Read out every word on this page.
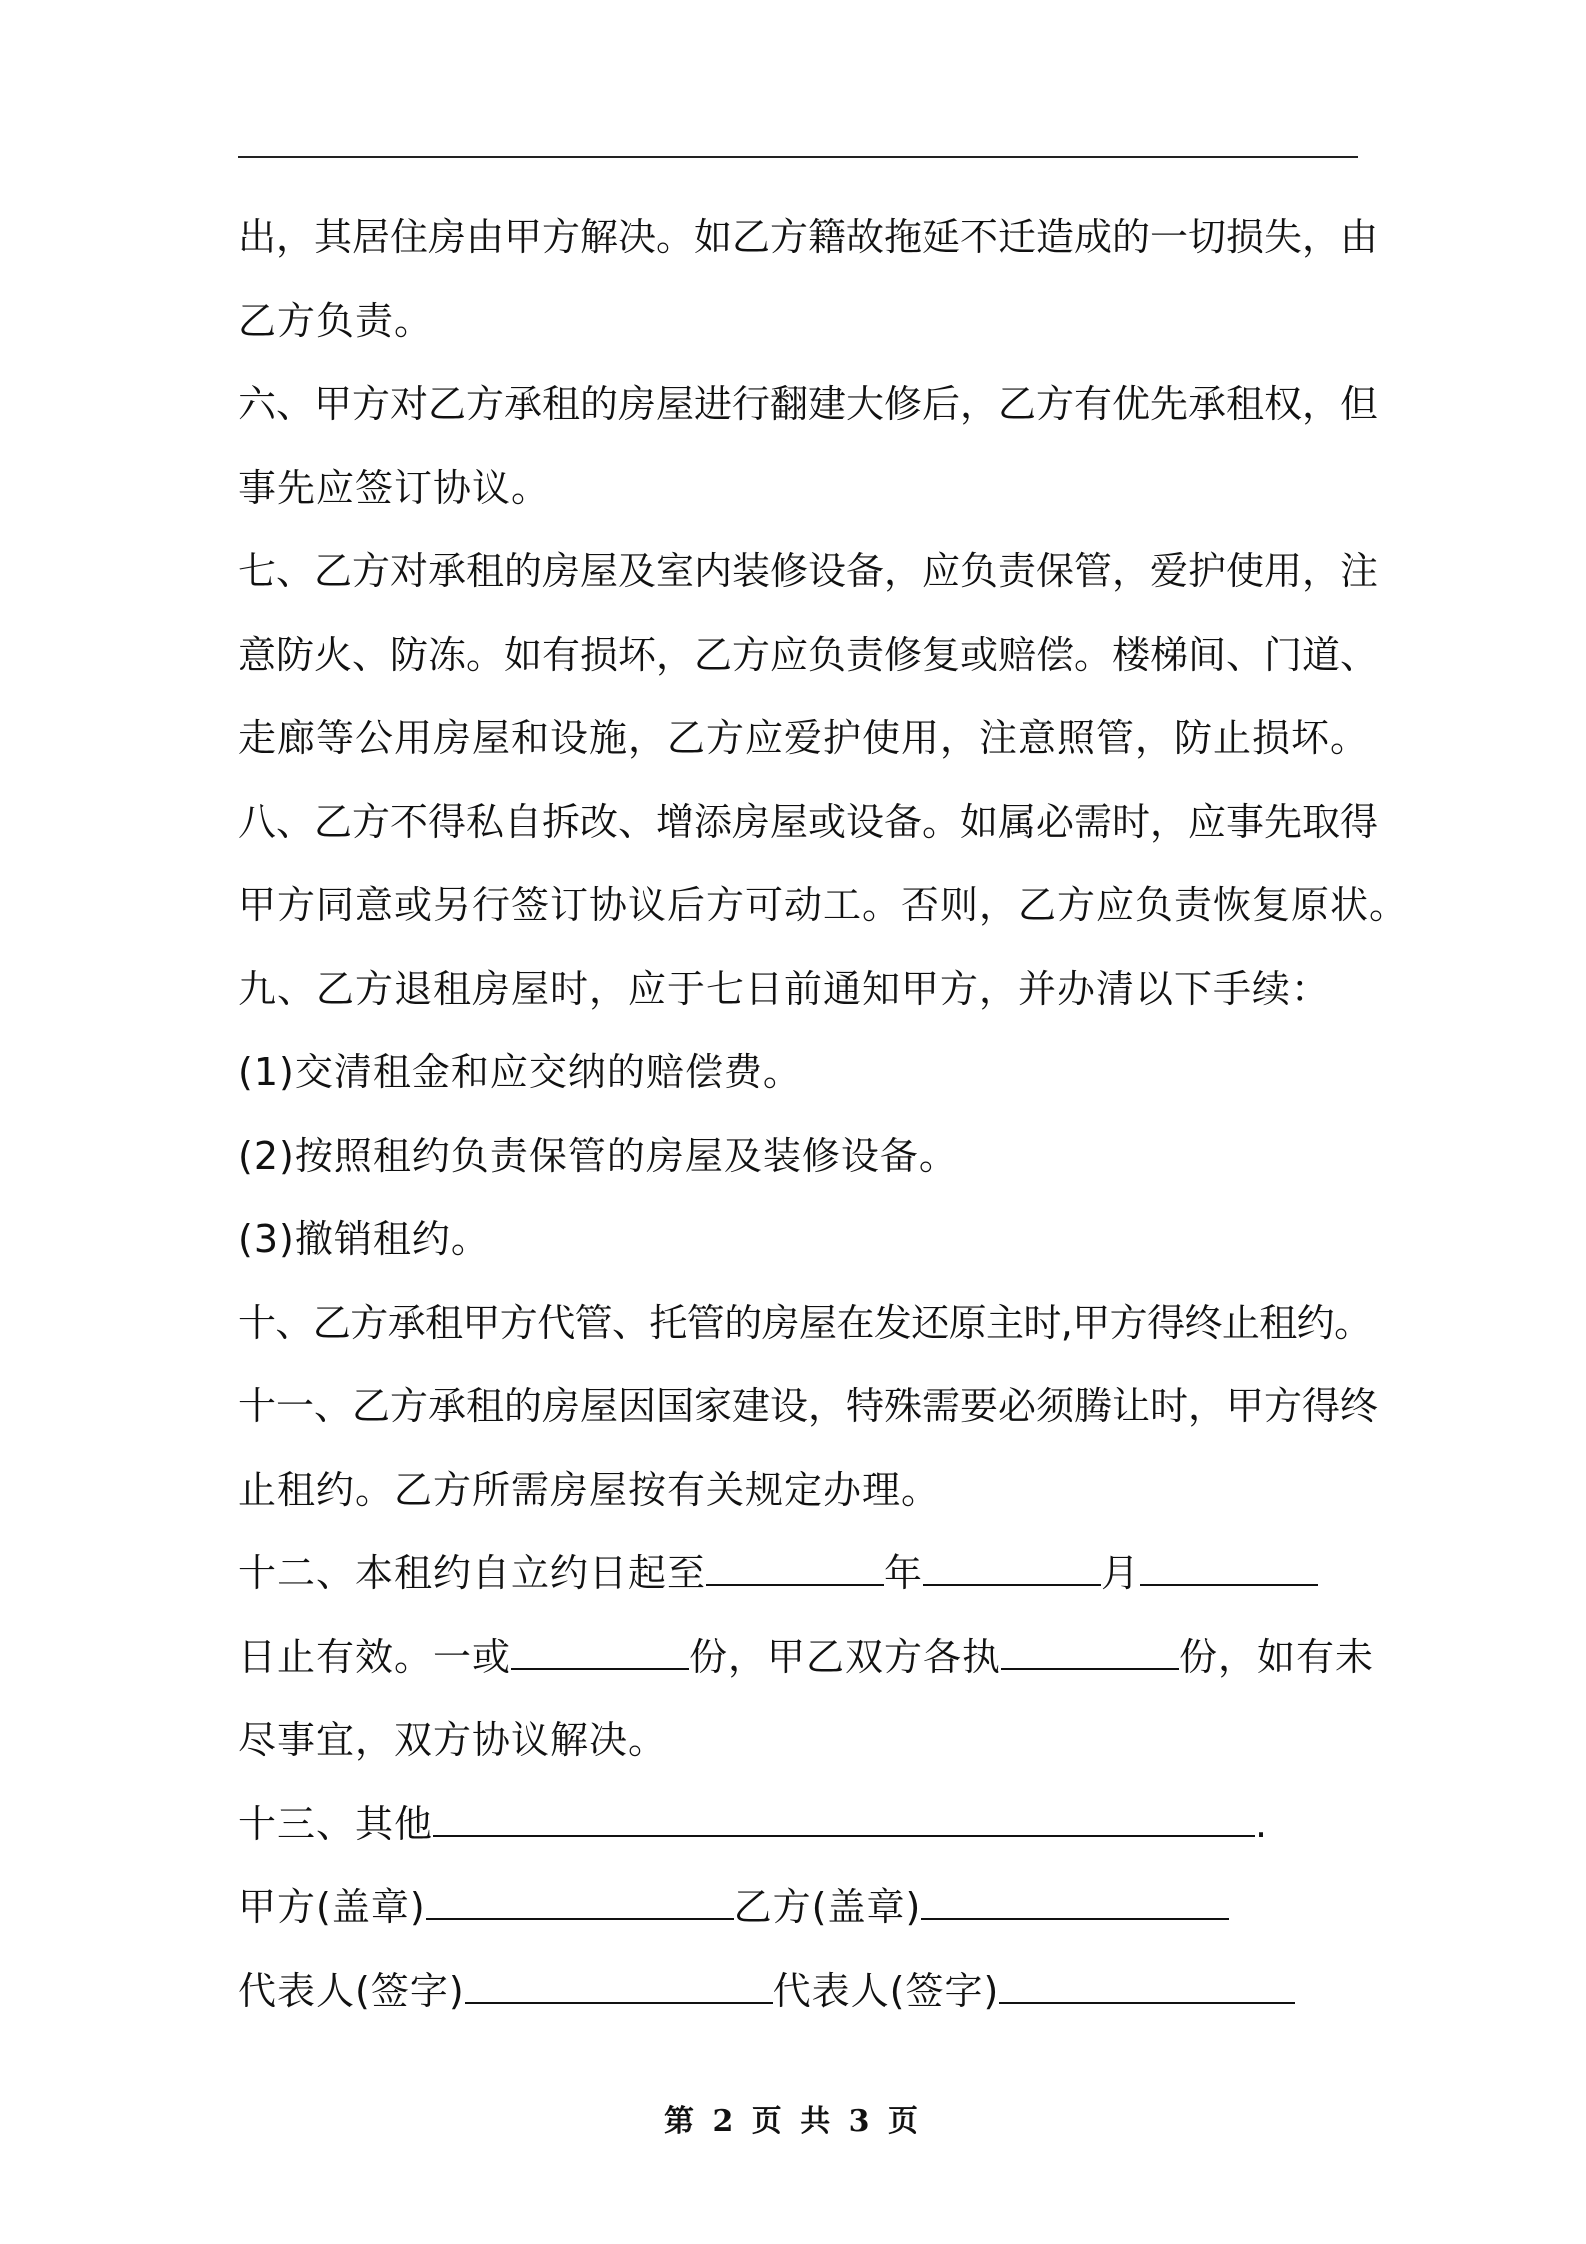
出，其居住房由甲方解决。如乙方籍故拖延不迁造成的一切损失，由
乙方负责。
六、甲方对乙方承租的房屋进行翻建大修后，乙方有优先承租权，但
事先应签订协议。
七、乙方对承租的房屋及室内装修设备，应负责保管，爱护使用，注
意防火、防冻。如有损坏，乙方应负责修复或赔偿。楼梯间、门道、
走廊等公用房屋和设施，乙方应爱护使用，注意照管，防止损坏。
八、乙方不得私自拆改、增添房屋或设备。如属必需时，应事先取得
甲方同意或另行签订协议后方可动工。否则，乙方应负责恢复原状。
九、乙方退租房屋时，应于七日前通知甲方，并办清以下手续：
(1)交清租金和应交纳的赔偿费。
(2)按照租约负责保管的房屋及装修设备。
(3)撤销租约。
十、乙方承租甲方代管、托管的房屋在发还原主时,甲方得终止租约。
十一、乙方承租的房屋因国家建设，特殊需要必须腾让时，甲方得终
止租约。乙方所需房屋按有关规定办理。
十二、本租约自立约日起至	年	月
日止有效。一或	份，甲乙双方各执	份，如有未
尽事宜，双方协议解决。
十三、其他	.
甲方(盖章)	乙方(盖章)
代表人(签字)	代表人(签字)
第 2 页 共 3 页
